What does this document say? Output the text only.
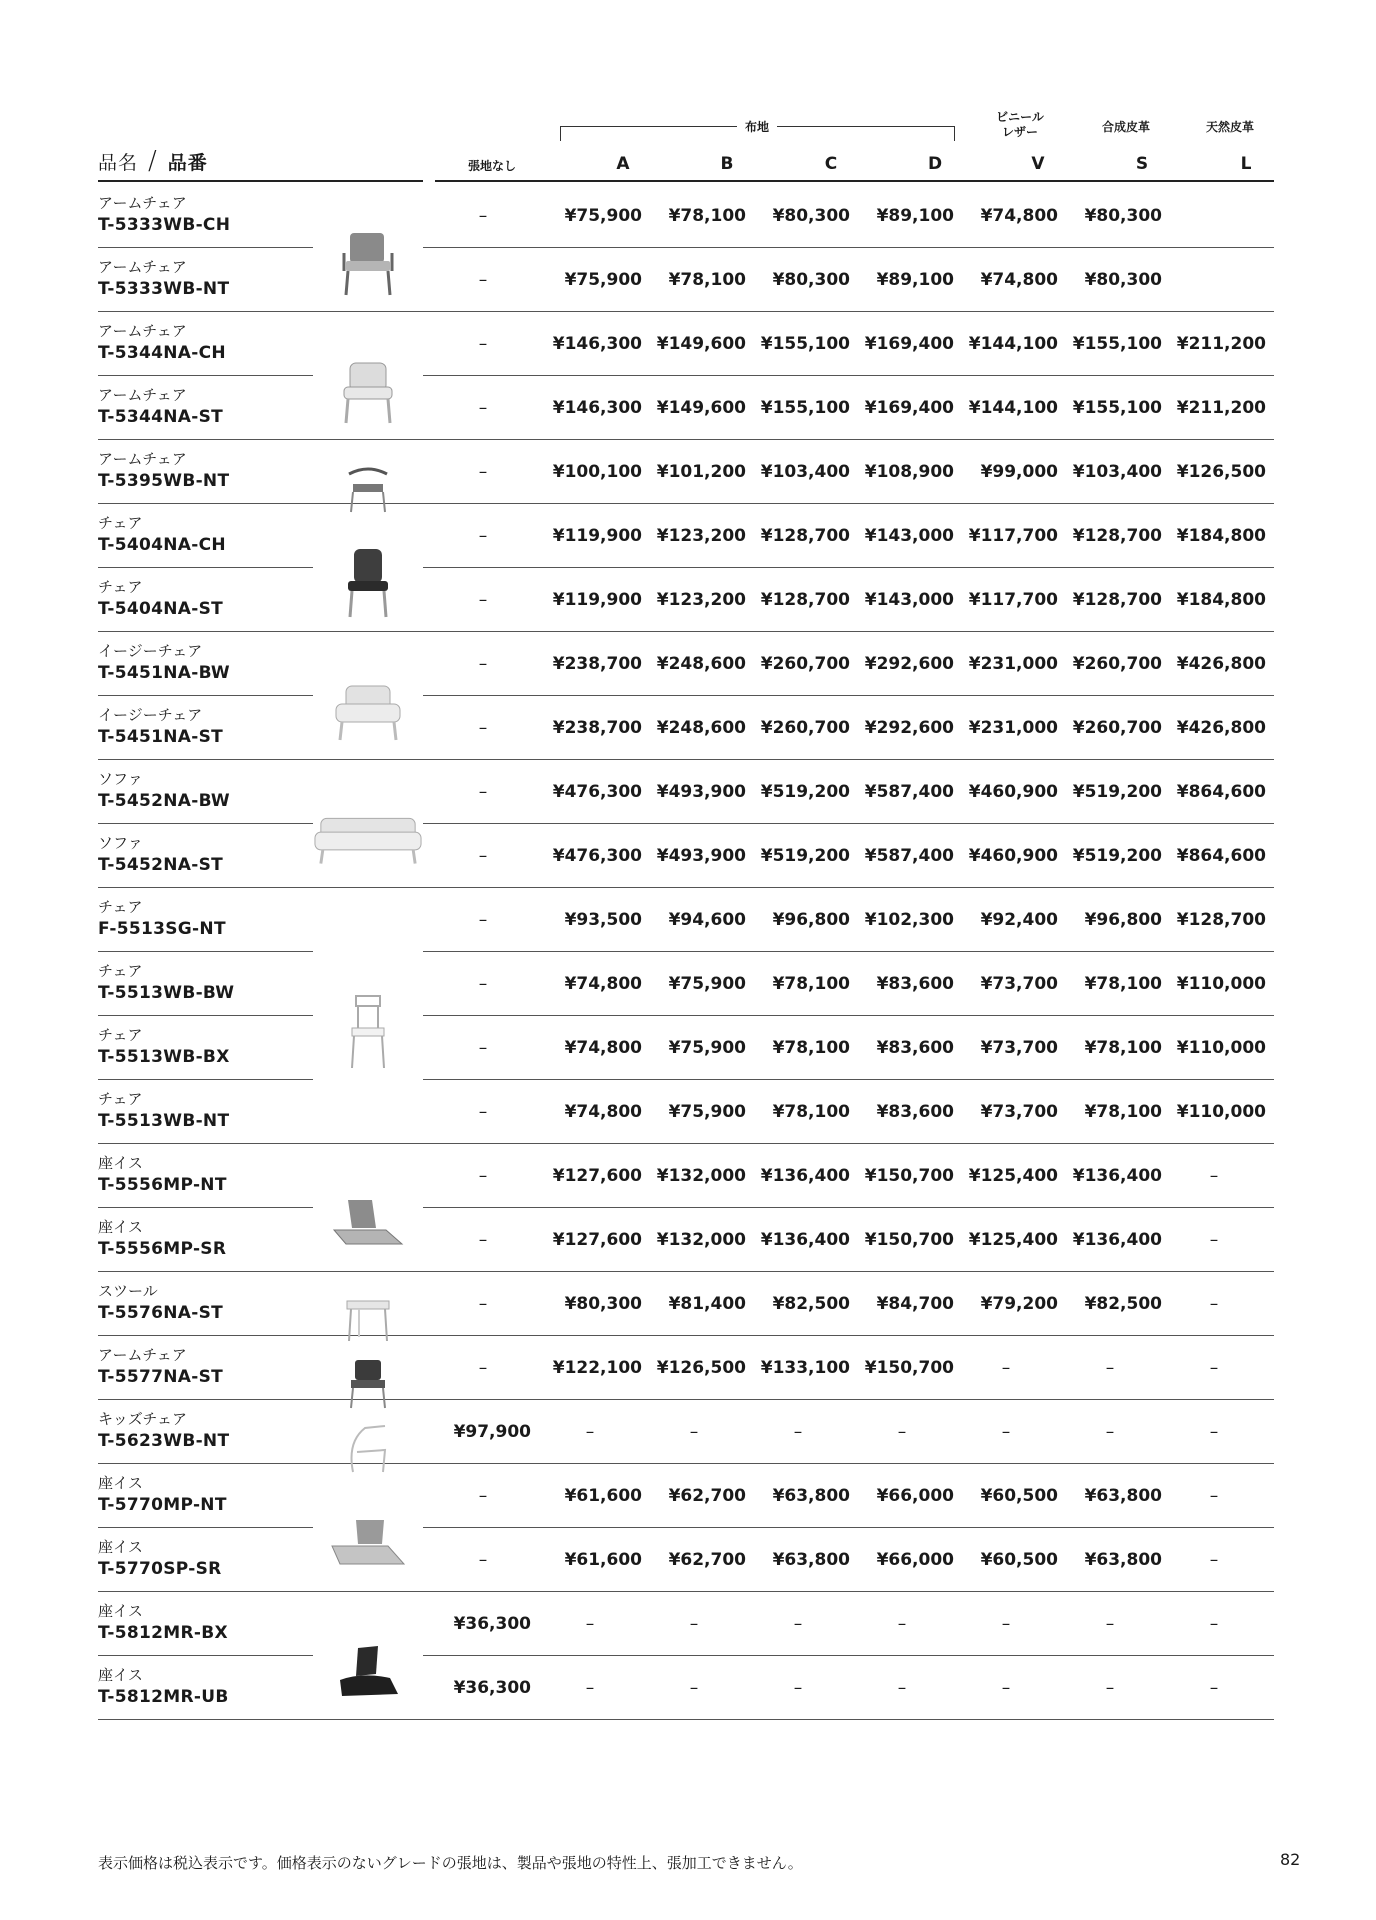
布地
ビニール
レザー	合成皮革	天然皮革
品名 / 品番	張地なし	A	B	C	D	V	S	L
アームチェア
T-5333WB-CH	–	¥75,900	¥78,100	¥80,300	¥89,100	¥74,800	¥80,300
アームチェア
T-5333WB-NT	–	¥75,900	¥78,100	¥80,300	¥89,100	¥74,800	¥80,300
アームチェア
T-5344NA-CH	–	¥146,300 ¥149,600 ¥155,100 ¥169,400 ¥144,100 ¥155,100 ¥211,200
アームチェア
T-5344NA-ST	–	¥146,300 ¥149,600 ¥155,100 ¥169,400 ¥144,100 ¥155,100 ¥211,200
アームチェア
T-5395WB-NT	–	¥100,100 ¥101,200 ¥103,400 ¥108,900	¥99,000 ¥103,400 ¥126,500
チェア
T-5404NA-CH	–	¥119,900 ¥123,200 ¥128,700 ¥143,000 ¥117,700 ¥128,700 ¥184,800
チェア
T-5404NA-ST	–	¥119,900 ¥123,200 ¥128,700 ¥143,000 ¥117,700 ¥128,700 ¥184,800
イージーチェア
T-5451NA-BW	–	¥238,700 ¥248,600 ¥260,700 ¥292,600 ¥231,000 ¥260,700 ¥426,800
イージーチェア
T-5451NA-ST	–	¥238,700 ¥248,600 ¥260,700 ¥292,600 ¥231,000 ¥260,700 ¥426,800
ソファ
T-5452NA-BW	–	¥476,300 ¥493,900 ¥519,200 ¥587,400 ¥460,900 ¥519,200 ¥864,600
ソファ
T-5452NA-ST	–	¥476,300 ¥493,900 ¥519,200 ¥587,400 ¥460,900 ¥519,200 ¥864,600
チェア
F-5513SG-NT	–	¥93,500	¥94,600	¥96,800 ¥102,300	¥92,400	¥96,800 ¥128,700
チェア
T-5513WB-BW	–	¥74,800	¥75,900	¥78,100	¥83,600	¥73,700	¥78,100 ¥110,000
チェア
T-5513WB-BX	–	¥74,800	¥75,900	¥78,100	¥83,600	¥73,700	¥78,100 ¥110,000
チェア
T-5513WB-NT	–	¥74,800	¥75,900	¥78,100	¥83,600	¥73,700	¥78,100 ¥110,000
座イス
T-5556MP-NT	–	¥127,600 ¥132,000 ¥136,400 ¥150,700 ¥125,400 ¥136,400	–
座イス
T-5556MP-SR	–	¥127,600 ¥132,000 ¥136,400 ¥150,700 ¥125,400 ¥136,400	–
スツール
T-5576NA-ST	–	¥80,300	¥81,400	¥82,500	¥84,700	¥79,200	¥82,500	–
アームチェア
T-5577NA-ST	–	¥122,100 ¥126,500 ¥133,100 ¥150,700	–	–	–
キッズチェア
T-5623WB-NT	¥97,900	–	–	–	–	–	–	–
座イス
T-5770MP-NT	–	¥61,600	¥62,700	¥63,800	¥66,000	¥60,500	¥63,800	–
座イス
T-5770SP-SR	–	¥61,600	¥62,700	¥63,800	¥66,000	¥60,500	¥63,800	–
座イス
T-5812MR-BX	¥36,300	–	–	–	–	–	–	–
座イス
T-5812MR-UB	¥36,300	–	–	–	–	–	–	–
表示価格は税込表示です。価格表示のないグレードの張地は、製品や張地の特性上、張加工できません。	82
